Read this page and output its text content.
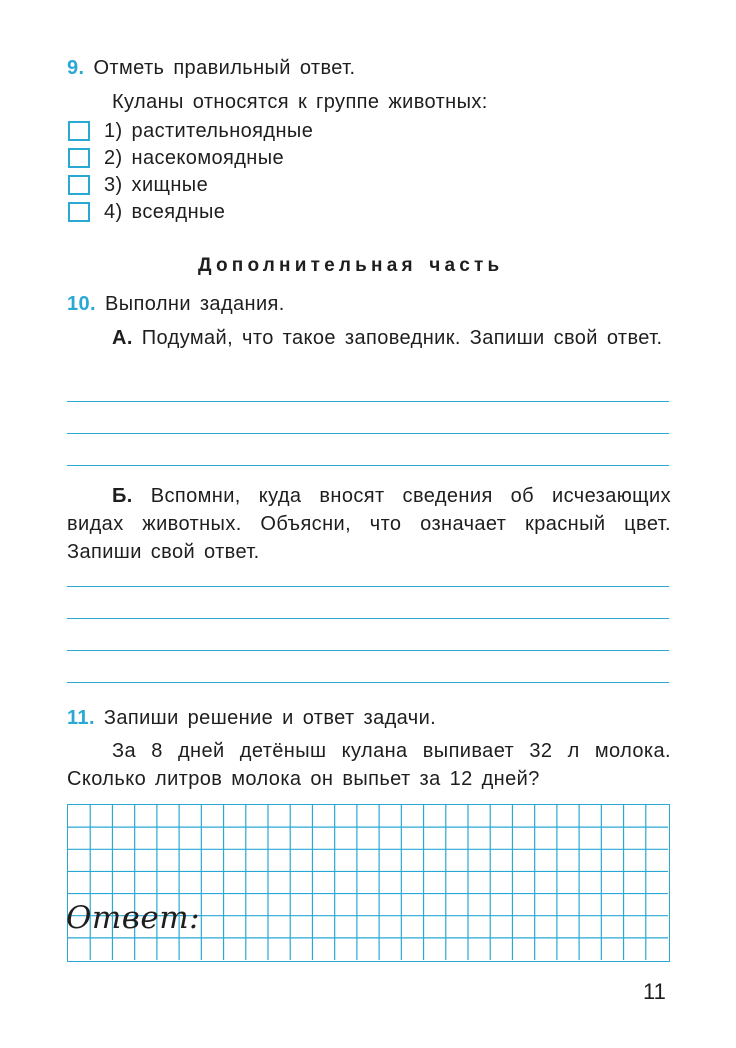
9. Отметь правильный ответ.
Куланы относятся к группе животных:
1) растительноядные
2) насекомоядные
3) хищные
4) всеядные
Дополнительная часть
10. Выполни задания.
А. Подумай, что такое заповедник. Запиши свой ответ.
Б. Вспомни, куда вносят сведения об исчезающих видах животных. Объясни, что означает красный цвет. Запиши свой ответ.
11. Запиши решение и ответ задачи.
За 8 дней детёныш кулана выпивает 32 л молока. Сколько литров молока он выпьет за 12 дней?
Ответ:
11
